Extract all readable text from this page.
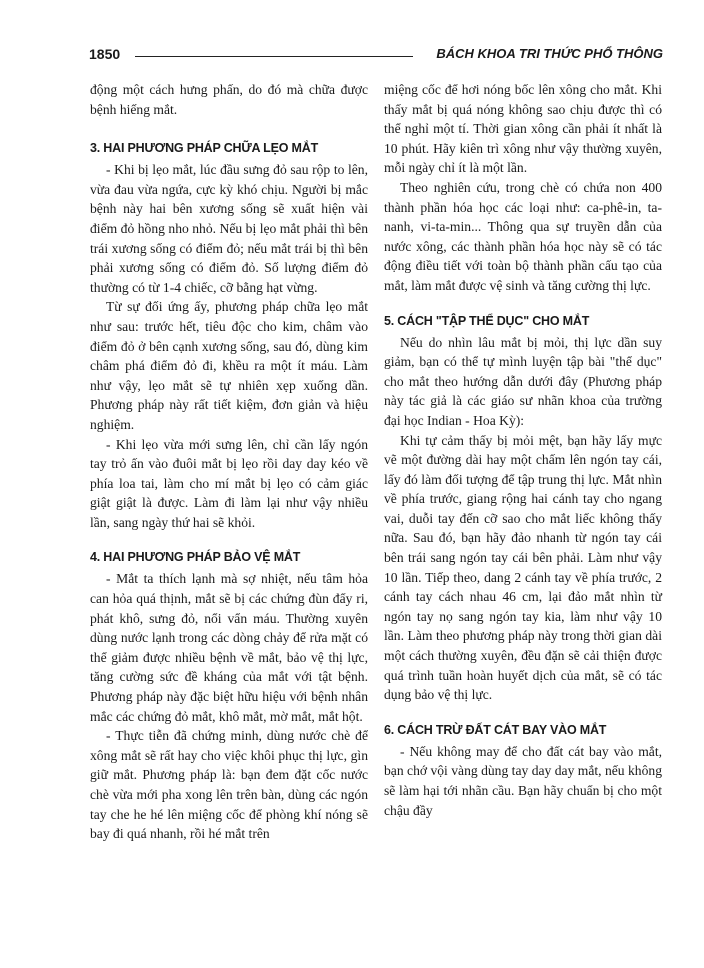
1850	BÁCH KHOA TRI THỨC PHỔ THÔNG

động một cách hưng phấn, do đó mà chữa được bệnh hiếng mắt.

3. HAI PHƯƠNG PHÁP CHỮA LẸO MẮT

- Khi bị lẹo mắt, lúc đầu sưng đỏ sau rộp to lên, vừa đau vừa ngứa, cực kỳ khó chịu. Người bị mắc bệnh này hai bên xương sống sẽ xuất hiện vài điểm đỏ hồng nho nhỏ. Nếu bị lẹo mắt phải thì bên trái xương sống có điểm đỏ; nếu mắt trái bị thì bên phải xương sống có điểm đỏ. Số lượng điểm đỏ thường có từ 1-4 chiếc, cỡ bằng hạt vừng.

Từ sự đối ứng ấy, phương pháp chữa lẹo mắt như sau: trước hết, tiêu độc cho kim, châm vào điểm đỏ ở bên cạnh xương sống, sau đó, dùng kim châm phá điểm đỏ đi, khều ra một ít máu. Làm như vậy, lẹo mắt sẽ tự nhiên xẹp xuống dần. Phương pháp này rất tiết kiệm, đơn giản và hiệu nghiệm.

- Khi lẹo vừa mới sưng lên, chỉ cần lấy ngón tay trỏ ấn vào đuôi mắt bị lẹo rồi day day kéo về phía loa tai, làm cho mí mắt bị lẹo có cảm giác giật giật là được. Làm đi làm lại như vậy nhiều lần, sang ngày thứ hai sẽ khỏi.

4. HAI PHƯƠNG PHÁP BẢO VỆ MẮT

- Mắt ta thích lạnh mà sợ nhiệt, nếu tâm hỏa can hỏa quá thịnh, mắt sẽ bị các chứng đùn đẩy ri, phát khô, sưng đỏ, nổi vẩn máu. Thường xuyên dùng nước lạnh trong các dòng chảy để rửa mặt có thể giảm được nhiều bệnh về mắt, bảo vệ thị lực, tăng cường sức đề kháng của mắt với tật bệnh. Phương pháp này đặc biệt hữu hiệu với bệnh nhân mắc các chứng đỏ mắt, khô mắt, mờ mắt, mắt hột.

- Thực tiễn đã chứng minh, dùng nước chè để xông mắt sẽ rất hay cho việc khôi phục thị lực, gìn giữ mắt. Phương pháp là: bạn đem đặt cốc nước chè vừa mới pha xong lên trên bàn, dùng các ngón tay che he hé lên miệng cốc để phòng khí nóng sẽ bay đi quá nhanh, rồi hé mắt trên

miệng cốc để hơi nóng bốc lên xông cho mắt. Khi thấy mắt bị quá nóng không sao chịu được thì có thể nghỉ một tí. Thời gian xông cần phải ít nhất là 10 phút. Hãy kiên trì xông như vậy thường xuyên, mỗi ngày chỉ ít là một lần.

Theo nghiên cứu, trong chè có chứa non 400 thành phần hóa học các loại như: ca-phê-in, ta-nanh, vi-ta-min... Thông qua sự truyền dẫn của nước xông, các thành phần hóa học này sẽ có tác động điều tiết với toàn bộ thành phần cấu tạo của mắt, làm mắt được vệ sinh và tăng cường thị lực.

5. CÁCH "TẬP THỂ DỤC" CHO MẮT

Nếu do nhìn lâu mắt bị mỏi, thị lực dần suy giảm, bạn có thể tự mình luyện tập bài "thể dục" cho mắt theo hướng dẫn dưới đây (Phương pháp này tác giả là các giáo sư nhãn khoa của trường đại học Indian - Hoa Kỳ):

Khi tự cảm thấy bị mỏi mệt, bạn hãy lấy mực vẽ một đường dài hay một chấm lên ngón tay cái, lấy đó làm đối tượng để tập trung thị lực. Mắt nhìn về phía trước, giang rộng hai cánh tay cho ngang vai, duỗi tay đến cỡ sao cho mắt liếc không thấy nữa. Sau đó, bạn hãy đảo nhanh từ ngón tay cái bên trái sang ngón tay cái bên phải. Làm như vậy 10 lần. Tiếp theo, dang 2 cánh tay về phía trước, 2 cánh tay cách nhau 46 cm, lại đảo mắt nhìn từ ngón tay nọ sang ngón tay kia, làm như vậy 10 lần. Làm theo phương pháp này trong thời gian dài một cách thường xuyên, đều đặn sẽ cải thiện được quá trình tuần hoàn huyết dịch của mắt, sẽ có tác dụng bảo vệ thị lực.

6. CÁCH TRỪ ĐẤT CÁT BAY VÀO MẮT

- Nếu không may để cho đất cát bay vào mắt, bạn chớ vội vàng dùng tay day day mắt, nếu không sẽ làm hại tới nhãn cầu. Bạn hãy chuẩn bị cho một chậu đầy
